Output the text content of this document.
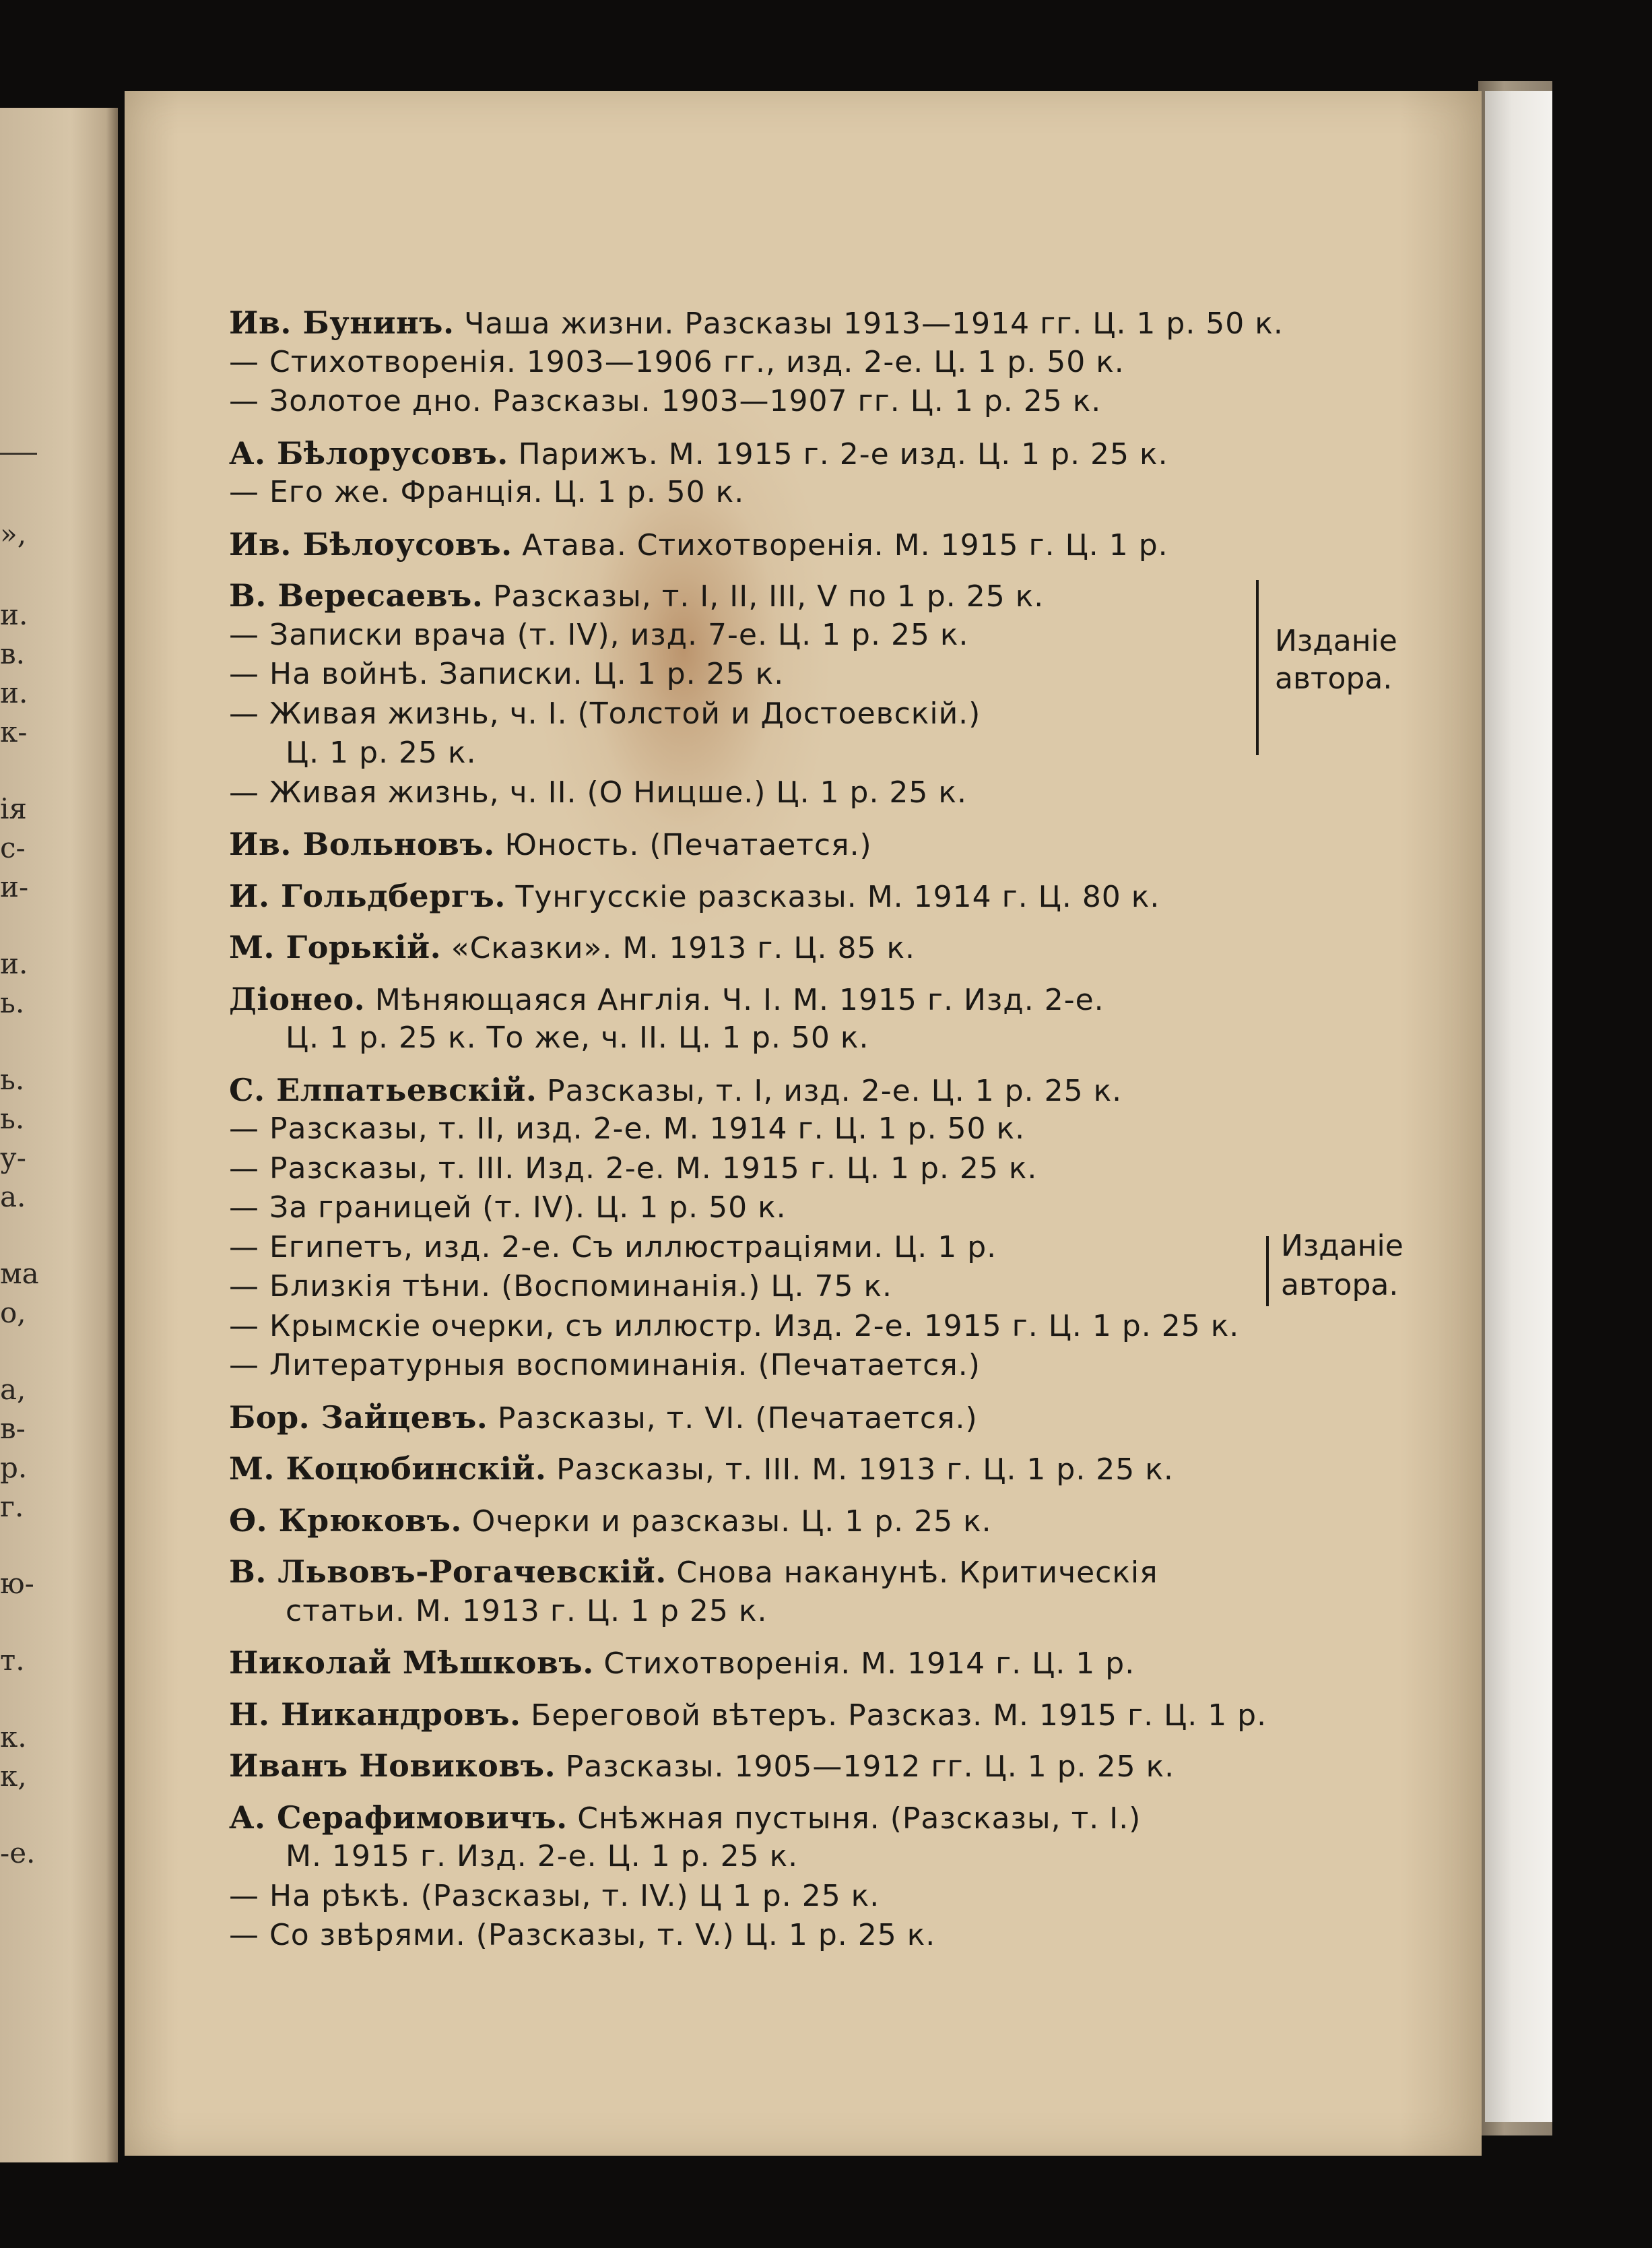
»,
и.
в.
и.
к-
ія
с-
и-
и.
ь.
ь.
ь.
у-
а.
ма
о,
а,
в-
р.
г.
ю-
т.
к.
к,
-е.
Ив. Бунинъ. Чаша жизни. Разсказы 1913—1914 гг. Ц. 1 р. 50 к.
— Стихотворенія. 1903—1906 гг., изд. 2-е. Ц. 1 р. 50 к.
— Золотое дно. Разсказы. 1903—1907 гг. Ц. 1 р. 25 к.
А. Бѣлорусовъ. Парижъ. М. 1915 г. 2-е изд. Ц. 1 р. 25 к.
— Его же. Франція. Ц. 1 р. 50 к.
Ив. Бѣлоусовъ. Атава. Стихотворенія. М. 1915 г. Ц. 1 р.
В. Вересаевъ. Разсказы, т. I, II, III, V по 1 р. 25 к.
— Записки врача (т. IV), изд. 7-е. Ц. 1 р. 25 к.
— На войнѣ. Записки. Ц. 1 р. 25 к.
— Живая жизнь, ч. I. (Толстой и Достоевскій.)
Ц. 1 р. 25 к.
— Живая жизнь, ч. II. (О Ницше.) Ц. 1 р. 25 к.
Изданіе
автора.
Ив. Вольновъ. Юность. (Печатается.)
И. Гольдбергъ. Тунгусскіе разсказы. М. 1914 г. Ц. 80 к.
М. Горькій. «Сказки». М. 1913 г. Ц. 85 к.
Діонео. Мѣняющаяся Англія. Ч. I. М. 1915 г. Изд. 2-е.
Ц. 1 р. 25 к. То же, ч. II. Ц. 1 р. 50 к.
С. Елпатьевскій. Разсказы, т. I, изд. 2-е. Ц. 1 р. 25 к.
— Разсказы, т. II, изд. 2-е. М. 1914 г. Ц. 1 р. 50 к.
— Разсказы, т. III. Изд. 2-е. М. 1915 г. Ц. 1 р. 25 к.
— За границей (т. IV). Ц. 1 р. 50 к.
— Египетъ, изд. 2-е. Съ иллюстраціями. Ц. 1 р.
— Близкія тѣни. (Воспоминанія.) Ц. 75 к.
— Крымскіе очерки, съ иллюстр. Изд. 2-е. 1915 г. Ц. 1 р. 25 к.
— Литературныя воспоминанія. (Печатается.)
Изданіе
автора.
Бор. Зайцевъ. Разсказы, т. VI. (Печатается.)
М. Коцюбинскій. Разсказы, т. III. М. 1913 г. Ц. 1 р. 25 к.
Ѳ. Крюковъ. Очерки и разсказы. Ц. 1 р. 25 к.
В. Львовъ-Рогачевскій. Снова наканунѣ. Критическія
статьи. М. 1913 г. Ц. 1 р 25 к.
Николай Мѣшковъ. Стихотворенія. М. 1914 г. Ц. 1 р.
Н. Никандровъ. Береговой вѣтеръ. Разсказ. М. 1915 г. Ц. 1 р.
Иванъ Новиковъ. Разсказы. 1905—1912 гг. Ц. 1 р. 25 к.
А. Серафимовичъ. Снѣжная пустыня. (Разсказы, т. I.)
М. 1915 г. Изд. 2-е. Ц. 1 р. 25 к.
— На рѣкѣ. (Разсказы, т. IV.) Ц 1 р. 25 к.
— Со звѣрями. (Разсказы, т. V.) Ц. 1 р. 25 к.
